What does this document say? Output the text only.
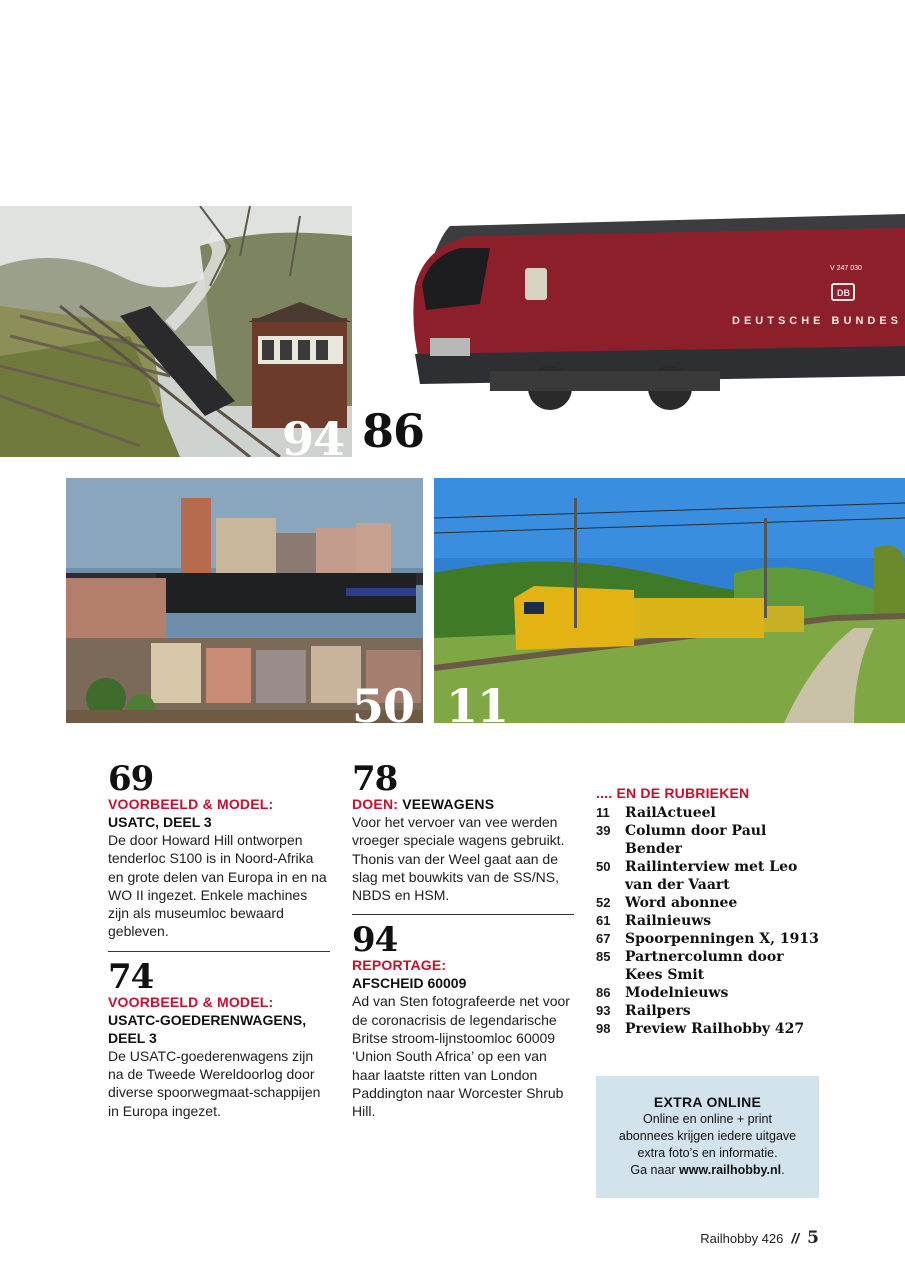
94
DB
V 247 030
DEUTSCHE BUNDES
86
50 11
69
VOORBEELD & MODEL:
USATC, DEEL 3
De door Howard Hill ontworpen tenderloc S100 is in Noord-Afrika en grote delen van Europa in en na WO II ingezet. Enkele machines zijn als museumloc bewaard gebleven.
74
VOORBEELD & MODEL:
USATC-GOEDERENWAGENS, DEEL 3
De USATC-goederenwagens zijn na de Tweede Wereldoorlog door diverse spoorwegmaat-schappijen in Europa ingezet.
78
DOEN: VEEWAGENS
Voor het vervoer van vee werden vroeger speciale wagens gebruikt. Thonis van der Weel gaat aan de slag met bouwkits van de SS/NS, NBDS en HSM.
94
REPORTAGE:
AFSCHEID 60009
Ad van Sten fotografeerde net voor de coronacrisis de legendarische Britse stroom-lijnstoomloc 60009 ‘Union South Africa’ op een van haar laatste ritten van London Paddington naar Worcester Shrub Hill.
.... EN DE RUBRIEKEN
11	RailActueel
39	Column door Paul Bender
50	Railinterview met Leo van der Vaart
52	Word abonnee
61	Railnieuws
67	Spoorpenningen X, 1913
85	Partnercolumn door Kees Smit
86	Modelnieuws
93	Railpers
98	Preview Railhobby 427
EXTRA ONLINE
Online en online + print
abonnees krijgen iedere uitgave
extra foto’s en informatie.
Ga naar www.railhobby.nl.
Railhobby 426 // 5
